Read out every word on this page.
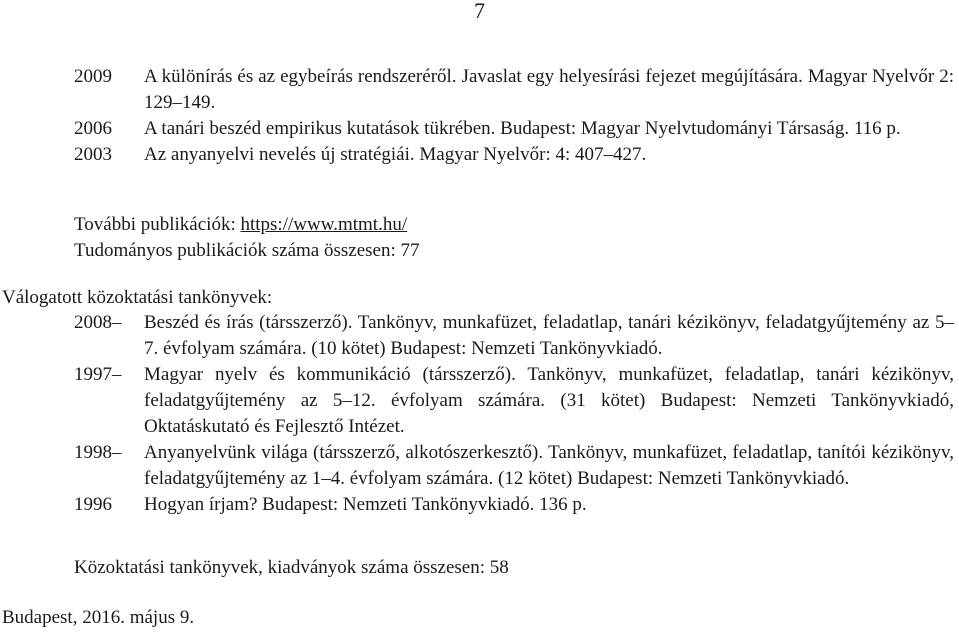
7
2009	A különírás és az egybeírás rendszeréről. Javaslat egy helyesírási fejezet megújítására. Magyar Nyelvőr 2: 129–149.
2006	A tanári beszéd empirikus kutatások tükrében. Budapest: Magyar Nyelvtudományi Társaság. 116 p.
2003	Az anyanyelvi nevelés új stratégiái. Magyar Nyelvőr: 4: 407–427.
További publikációk: https://www.mtmt.hu/
Tudományos publikációk száma összesen: 77
Válogatott közoktatási tankönyvek:
2008–	Beszéd és írás (társszerző). Tankönyv, munkafüzet, feladatlap, tanári kézikönyv, feladatgyűjtemény az 5–7. évfolyam számára. (10 kötet) Budapest: Nemzeti Tankönyvkiadó.
1997–	Magyar nyelv és kommunikáció (társszerző). Tankönyv, munkafüzet, feladatlap, tanári kézikönyv, feladatgyűjtemény az 5–12. évfolyam számára. (31 kötet) Budapest: Nemzeti Tankönyvkiadó, Oktatáskutató és Fejlesztő Intézet.
1998–	Anyanyelvünk világa (társszerző, alkotószerkesztő). Tankönyv, munkafüzet, feladatlap, tanítói kézikönyv, feladatgyűjtemény az 1–4. évfolyam számára. (12 kötet) Budapest: Nemzeti Tankönyvkiadó.
1996	Hogyan írjam? Budapest: Nemzeti Tankönyvkiadó. 136 p.
Közoktatási tankönyvek, kiadványok száma összesen: 58
Budapest, 2016. május 9.
